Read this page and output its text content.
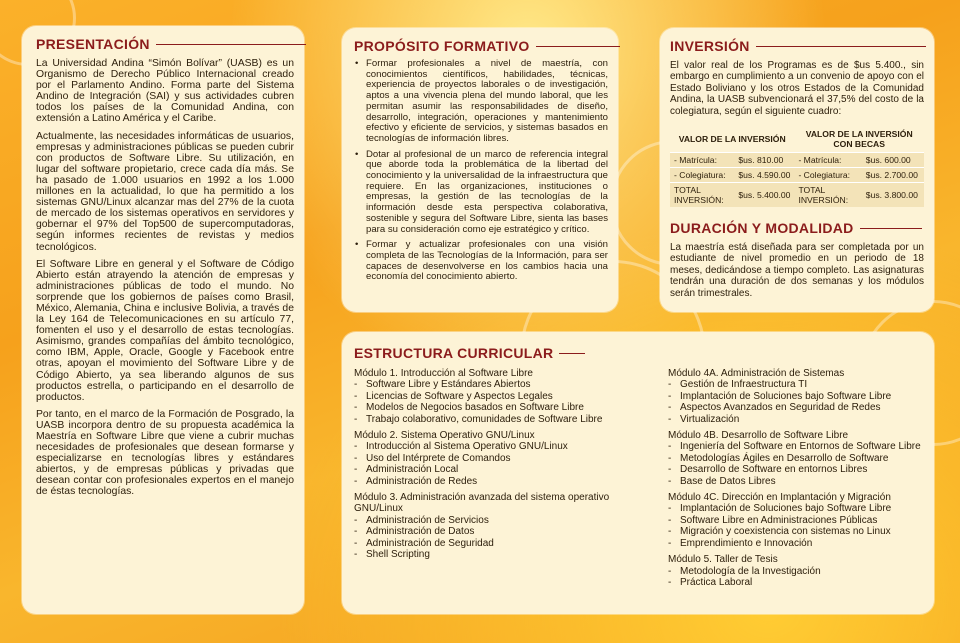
PRESENTACIÓN

La Universidad Andina “Simón Bolívar” (UASB) es un Organismo de Derecho Público Internacional creado por el Parlamento Andino. Forma parte del Sistema Andino de Integración (SAI) y sus actividades cubren todos los países de la Comunidad Andina, con extensión a Latino América y el Caribe.

Actualmente, las necesidades informáticas de usuarios, empresas y administraciones públicas se pueden cubrir con productos de Software Libre. Su utilización, en lugar del software propietario, crece cada día más. Se ha pasado de 1.000 usuarios en 1992 a los 1.000 millones en la actualidad, lo que ha permitido a los sistemas GNU/Linux alcanzar mas del 27% de la cuota de mercado de los sistemas operativos en servidores y gobernar el 97% del Top500 de supercomputadoras, según informes recientes de revistas y medios tecnológicos.

El Software Libre en general y el Software de Código Abierto están atrayendo la atención de empresas y administraciones públicas de todo el mundo. No sorprende que los gobiernos de países como Brasil, México, Alemania, China e inclusive Bolivia, a través de la Ley 164 de Telecomunicaciones en su artículo 77, fomenten el uso y el desarrollo de estas tecnologías. Asimismo, grandes compañías del ámbito tecnológico, como IBM, Apple, Oracle, Google y Facebook entre otras, apoyan el movimiento del Software Libre y de Código Abierto, ya sea liberando algunos de sus productos estrella, o participando en el desarrollo de productos.

Por tanto, en el marco de la Formación de Posgrado, la UASB incorpora dentro de su propuesta académica la Maestría en Software Libre que viene a cubrir muchas necesidades de profesionales que desean formarse y especializarse en tecnologías libres y estándares abiertos, y de empresas públicas y privadas que desean contar con profesionales expertos en el manejo de éstas tecnologías.

PROPÓSITO FORMATIVO
• Formar profesionales a nivel de maestría, con conocimientos científicos, habilidades, técnicas, experiencia de proyectos laborales o de investigación, aptos a una vivencia plena del mundo laboral, que les permitan asumir las responsabilidades de diseño, desarrollo, integración, operaciones y mantenimiento efectivo y eficiente de servicios, y sistemas basados en tecnologías de información libres.
• Dotar al profesional de un marco de referencia integral que aborde toda la problemática de la libertad del conocimiento y la universalidad de la infraestructura que requiere. En las organizaciones, instituciones o empresas, la gestión de las tecnologías de la información desde esta perspectiva colaborativa, sostenible y segura del Software Libre, sienta las bases para su consideración como eje estratégico y crítico.
• Formar y actualizar profesionales con una visión completa de las Tecnologías de la Información, para ser capaces de desenvolverse en los cambios hacia una economía del conocimiento abierto.
INVERSIÓN
El valor real de los Programas es de $us 5.400., sin embargo en cumplimiento a un convenio de apoyo con el Estado Boliviano y los otros Estados de la Comunidad Andina, la UASB subvencionará el 37,5% del costo de la colegiatura, según el siguiente cuadro:
VALOR DE LA INVERSIÓN		VALOR DE LA INVERSIÓN CON BECAS	
- Matrícula:	$us. 810.00	- Matrícula:	$us. 600.00
- Colegiatura:	$us. 4.590.00	- Colegiatura:	$us. 2.700.00
TOTAL INVERSIÓN:	$us. 5.400.00	TOTAL INVERSIÓN:	$us. 3.800.00
DURACIÓN Y MODALIDAD
La maestría está diseñada para ser completada por un estudiante de nivel promedio en un periodo de 18 meses, dedicándose a tiempo completo. Las asignaturas tendrán una duración de dos semanas y los módulos serán trimestrales.
ESTRUCTURA CURRICULAR
Módulo 1. Introducción al Software Libre
- Software Libre y Estándares Abiertos
- Licencias de Software y Aspectos Legales
- Modelos de Negocios basados en Software Libre
- Trabajo colaborativo, comunidades de Software Libre
Módulo 2. Sistema Operativo GNU/Linux
- Introducción al Sistema Operativo GNU/Linux
- Uso del Intérprete de Comandos
- Administración Local
- Administración de Redes
Módulo 3. Administración avanzada del sistema operativo GNU/Linux
- Administración de Servicios
- Administración de Datos
- Administración de Seguridad
- Shell Scripting
Módulo 4A. Administración de Sistemas
- Gestión de Infraestructura TI
- Implantación de Soluciones bajo Software Libre
- Aspectos Avanzados en Seguridad de Redes
- Virtualización
Módulo 4B. Desarrollo de Software Libre
- Ingeniería del Software en Entornos de Software Libre
- Metodologías Ágiles en Desarrollo de Software
- Desarrollo de Software en entornos Libres
- Base de Datos Libres
Módulo 4C. Dirección en Implantación y Migración
- Implantación de Soluciones bajo Software Libre
- Software Libre en Administraciones Públicas
- Migración y coexistencia con sistemas no Linux
- Emprendimiento e Innovación
Módulo 5. Taller de Tesis
- Metodología de la Investigación
- Práctica Laboral
